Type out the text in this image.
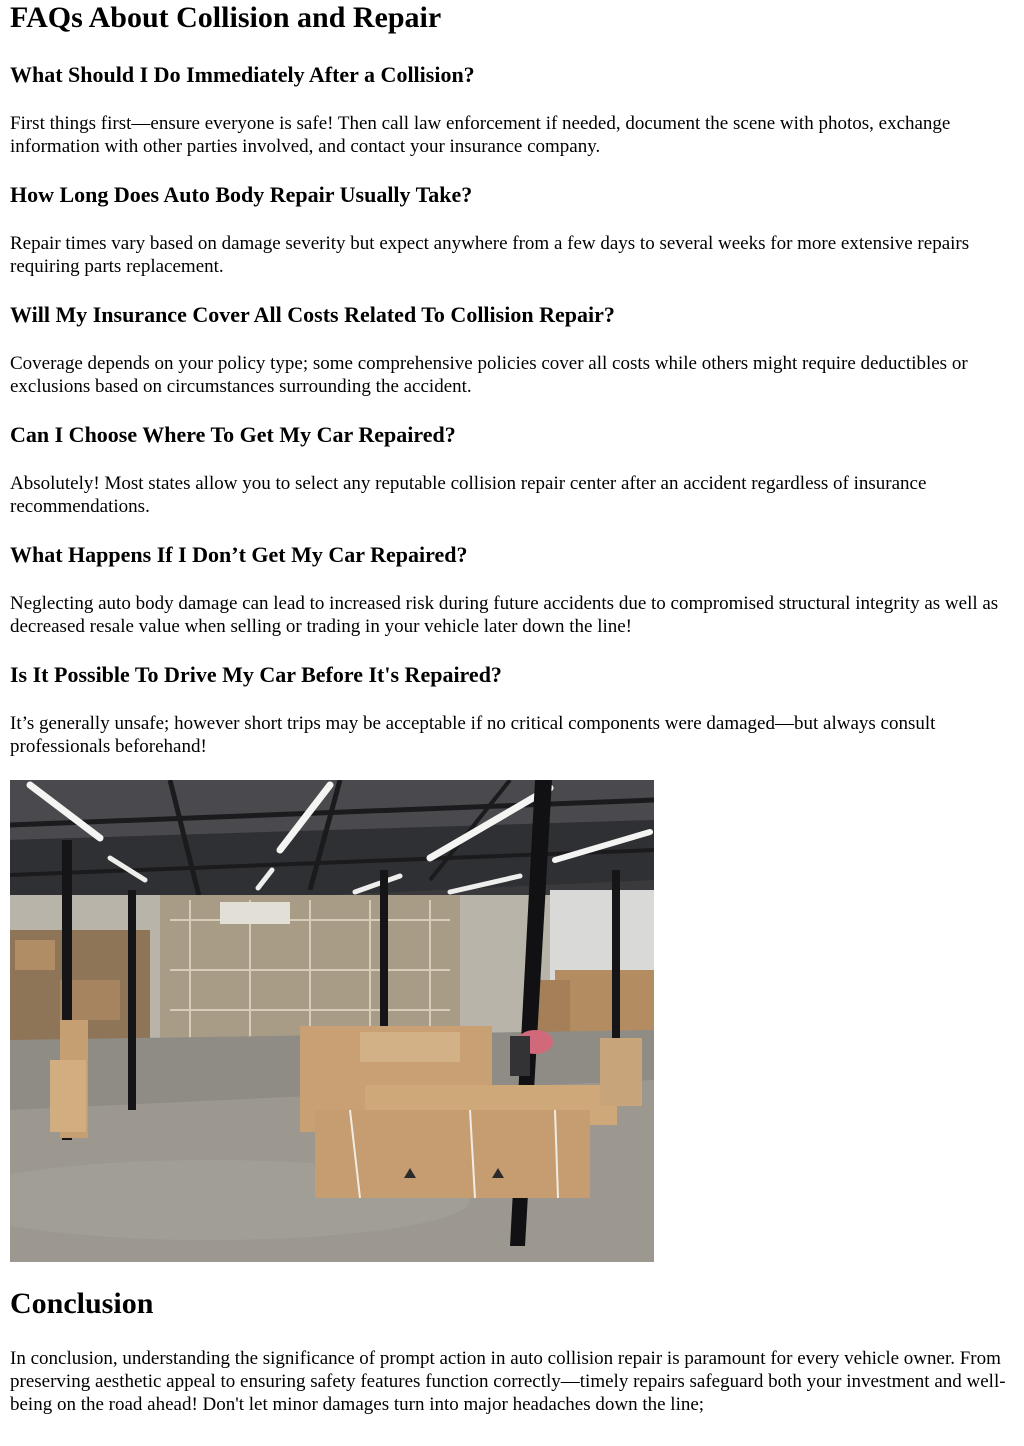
FAQs About Collision and Repair
What Should I Do Immediately After a Collision?

First things first—ensure everyone is safe! Then call law enforcement if needed, document the scene with photos, exchange information with other parties involved, and contact your insurance company.

How Long Does Auto Body Repair Usually Take?

Repair times vary based on damage severity but expect anywhere from a few days to several weeks for more extensive repairs requiring parts replacement.

Will My Insurance Cover All Costs Related To Collision Repair?

Coverage depends on your policy type; some comprehensive policies cover all costs while others might require deductibles or exclusions based on circumstances surrounding the accident.

Can I Choose Where To Get My Car Repaired?

Absolutely! Most states allow you to select any reputable collision repair center after an accident regardless of insurance recommendations.

What Happens If I Don’t Get My Car Repaired?

Neglecting auto body damage can lead to increased risk during future accidents due to compromised structural integrity as well as decreased resale value when selling or trading in your vehicle later down the line!

Is It Possible To Drive My Car Before It's Repaired?

It’s generally unsafe; however short trips may be acceptable if no critical components were damaged—but always consult professionals beforehand!

Conclusion

In conclusion, understanding the significance of prompt action in auto collision repair is paramount for every vehicle owner. From preserving aesthetic appeal to ensuring safety features function correctly—timely repairs safeguard both your investment and well-being on the road ahead! Don't let minor damages turn into major headaches down the line;
